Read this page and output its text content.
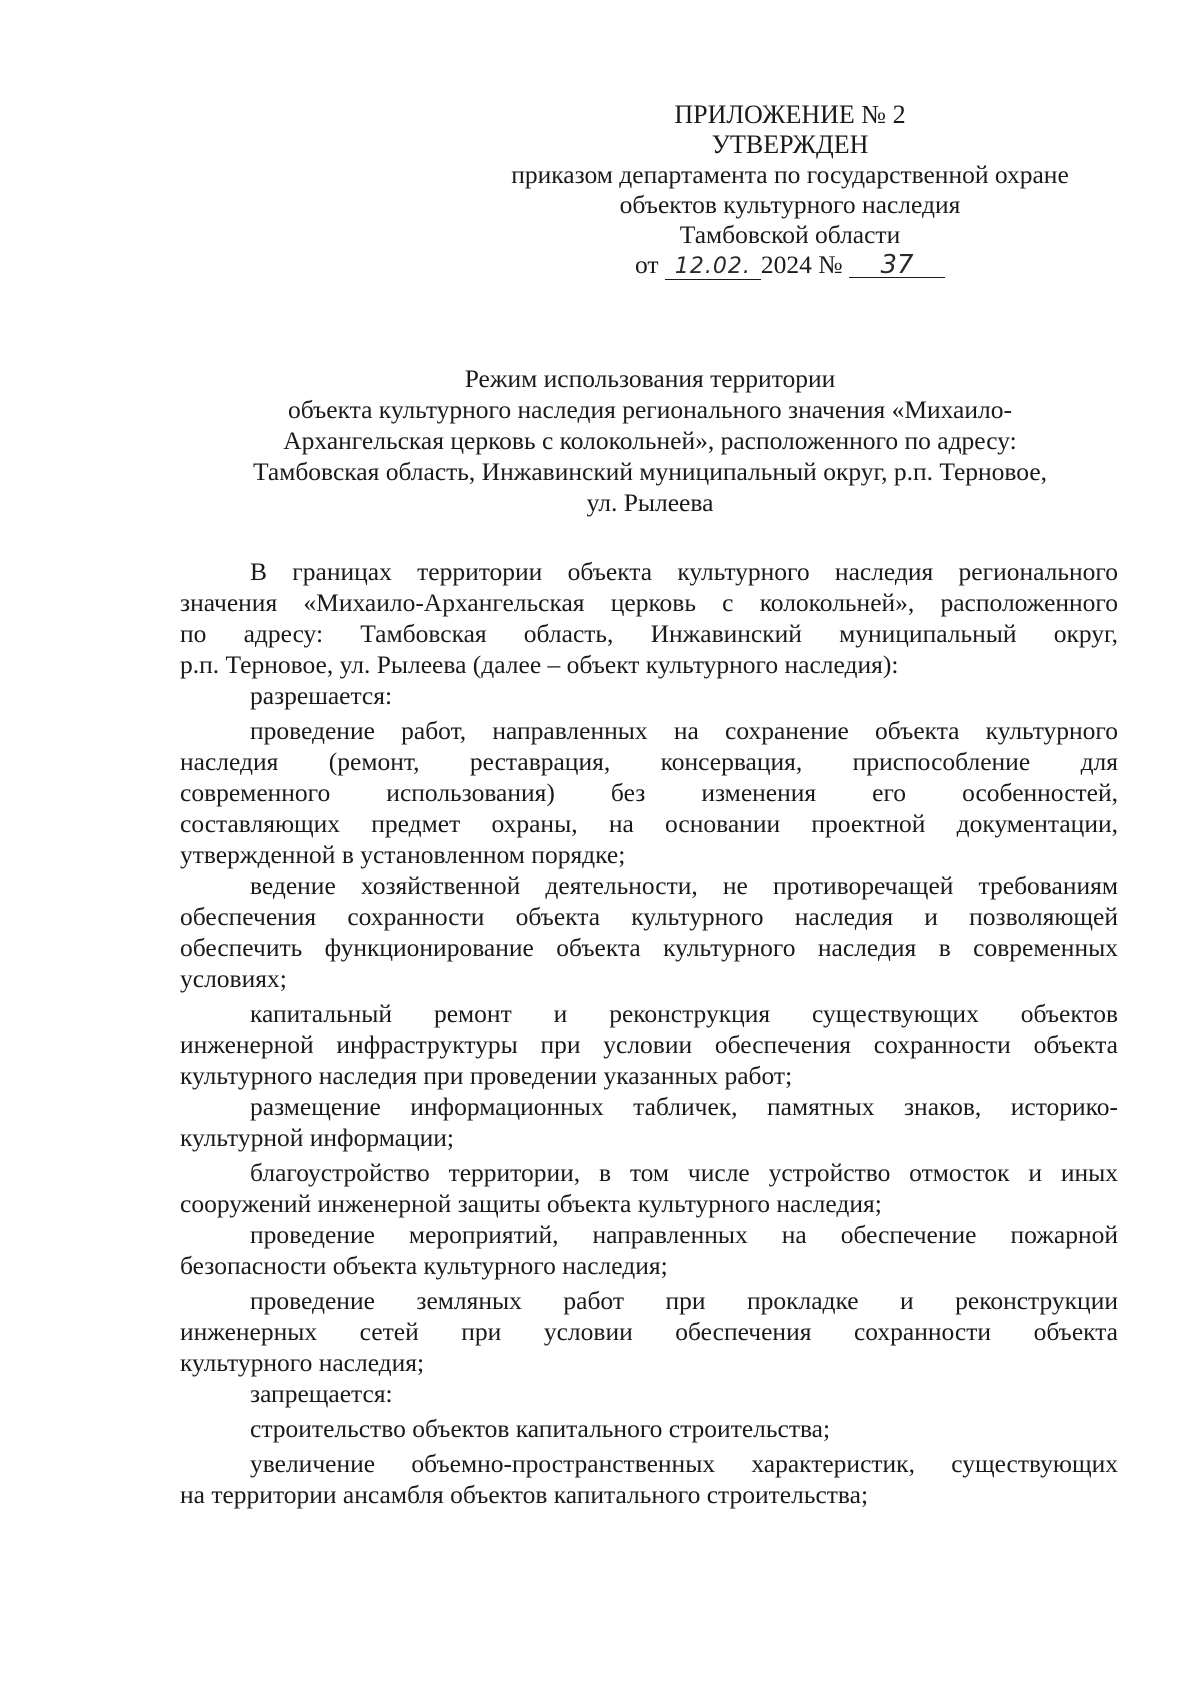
ПРИЛОЖЕНИЕ № 2
УТВЕРЖДЕН
приказом департамента по государственной охране
объектов культурного наследия
Тамбовской области
от 12.02. 2024 № 37
Режим использования территории
объекта культурного наследия регионального значения «Михаило-
Архангельская церковь с колокольней», расположенного по адресу:
Тамбовская область, Инжавинский муниципальный округ, р.п. Терновое,
ул. Рылеева

В границах территории объекта культурного наследия регионального

значения «Михаило-Архангельская церковь с колокольней», расположенного

по адресу: Тамбовская область, Инжавинский муниципальный округ,

р.п. Терновое, ул. Рылеева (далее – объект культурного наследия):

разрешается:

проведение работ, направленных на сохранение объекта культурного

наследия (ремонт, реставрация, консервация, приспособление для

современного использования) без изменения его особенностей,

составляющих предмет охраны, на основании проектной документации,

утвержденной в установленном порядке;

ведение хозяйственной деятельности, не противоречащей требованиям

обеспечения сохранности объекта культурного наследия и позволяющей

обеспечить функционирование объекта культурного наследия в современных

условиях;

капитальный ремонт и реконструкция существующих объектов

инженерной инфраструктуры при условии обеспечения сохранности объекта

культурного наследия при проведении указанных работ;

размещение информационных табличек, памятных знаков, историко-

культурной информации;

благоустройство территории, в том числе устройство отмосток и иных

сооружений инженерной защиты объекта культурного наследия;

проведение мероприятий, направленных на обеспечение пожарной

безопасности объекта культурного наследия;

проведение земляных работ при прокладке и реконструкции

инженерных сетей при условии обеспечения сохранности объекта

культурного наследия;

запрещается:

строительство объектов капитального строительства;

увеличение объемно-пространственных характеристик, существующих

на территории ансамбля объектов капитального строительства;
